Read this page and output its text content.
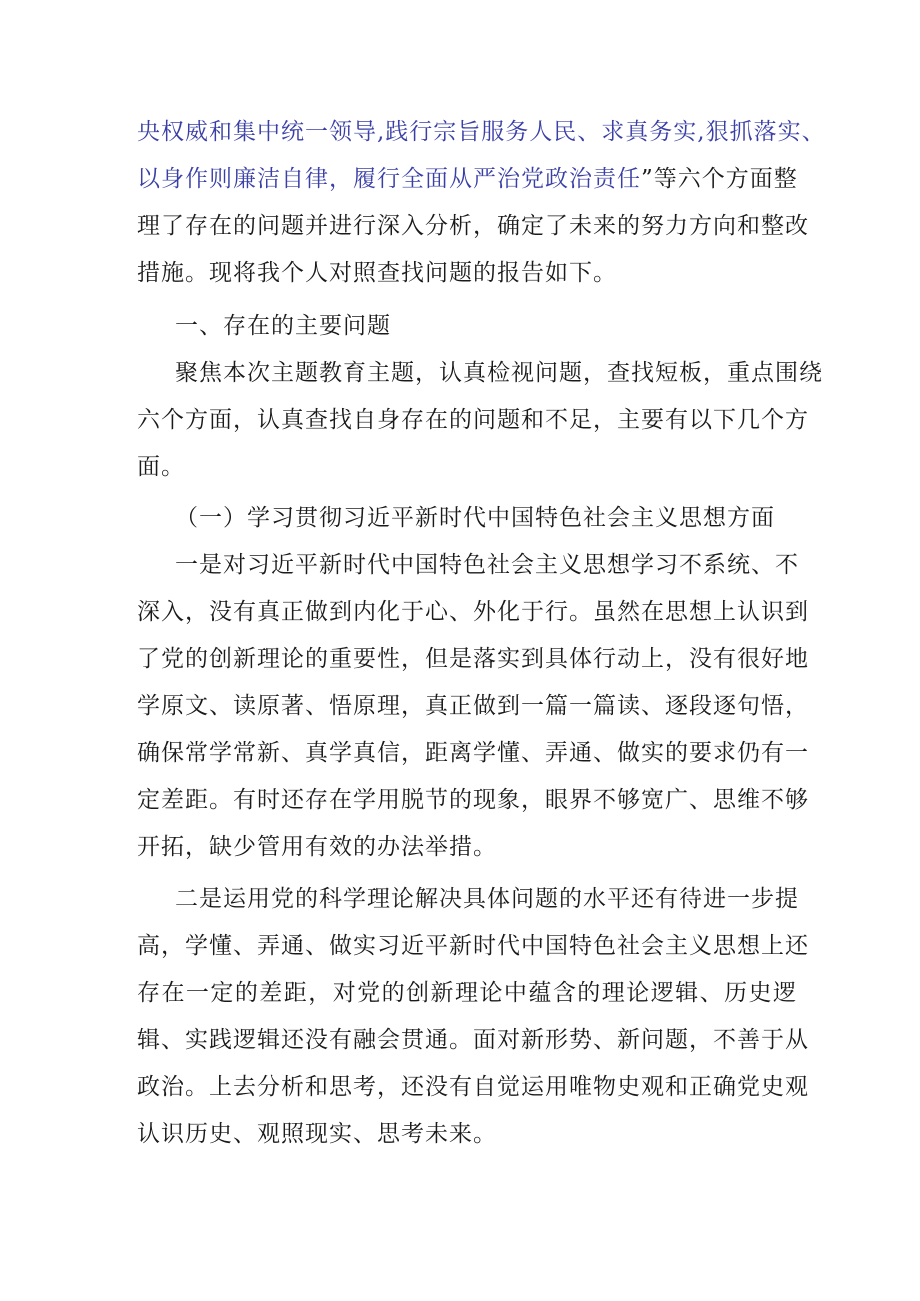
央权威和集中统一领导,践行宗旨服务人民、求真务实,狠抓落实、
以身作则廉洁自律，履行全面从严治党政治责任”等六个方面整
理了存在的问题并进行深入分析，确定了未来的努力方向和整改
措施。现将我个人对照查找问题的报告如下。
一、存在的主要问题
聚焦本次主题教育主题，认真检视问题，查找短板，重点围绕
六个方面，认真查找自身存在的问题和不足，主要有以下几个方
面。
（一）学习贯彻习近平新时代中国特色社会主义思想方面
一是对习近平新时代中国特色社会主义思想学习不系统、不
深入，没有真正做到内化于心、外化于行。虽然在思想上认识到
了党的创新理论的重要性，但是落实到具体行动上，没有很好地
学原文、读原著、悟原理，真正做到一篇一篇读、逐段逐句悟，
确保常学常新、真学真信，距离学懂、弄通、做实的要求仍有一
定差距。有时还存在学用脱节的现象，眼界不够宽广、思维不够
开拓，缺少管用有效的办法举措。
二是运用党的科学理论解决具体问题的水平还有待进一步提
高，学懂、弄通、做实习近平新时代中国特色社会主义思想上还
存在一定的差距，对党的创新理论中蕴含的理论逻辑、历史逻
辑、实践逻辑还没有融会贯通。面对新形势、新问题，不善于从
政治。上去分析和思考，还没有自觉运用唯物史观和正确党史观
认识历史、观照现实、思考未来。
